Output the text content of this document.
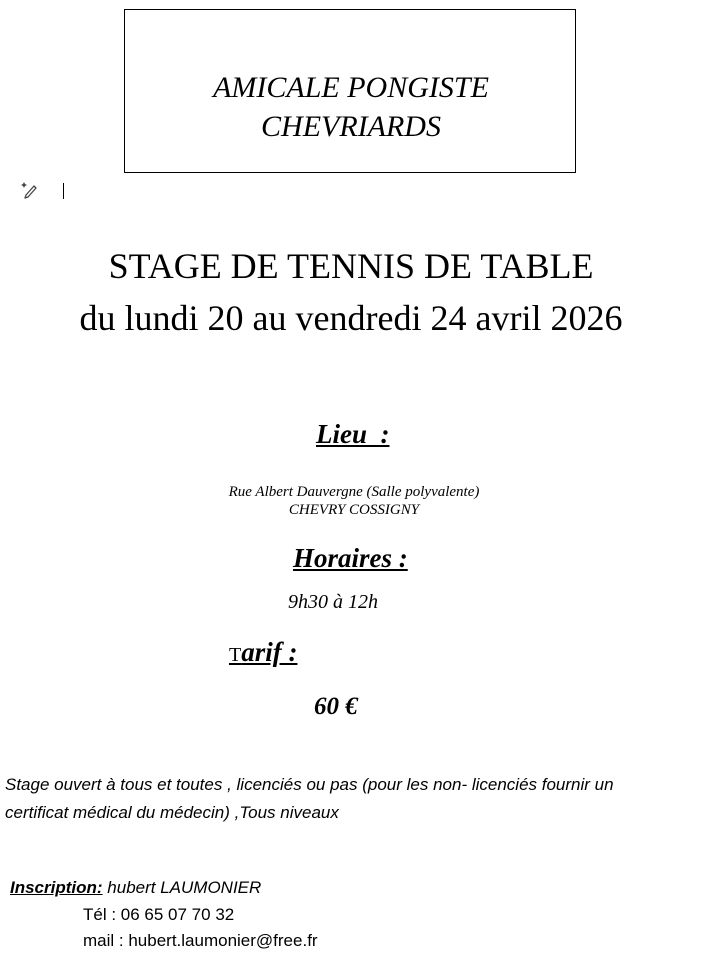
AMICALE PONGISTE
CHEVRIARDS
STAGE DE TENNIS DE TABLE
du lundi 20 au vendredi 24 avril 2026
Lieu  :
Rue Albert Dauvergne (Salle polyvalente)
CHEVRY COSSIGNY
Horaires :
9h30 à 12h
Tarif :
60 €
Stage ouvert à tous et toutes , licenciés ou pas (pour les non- licenciés fournir un
certificat médical du médecin) ,Tous niveaux
Inscription: hubert LAUMONIER
Tél : 06 65 07 70 32
mail : hubert.laumonier@free.fr
